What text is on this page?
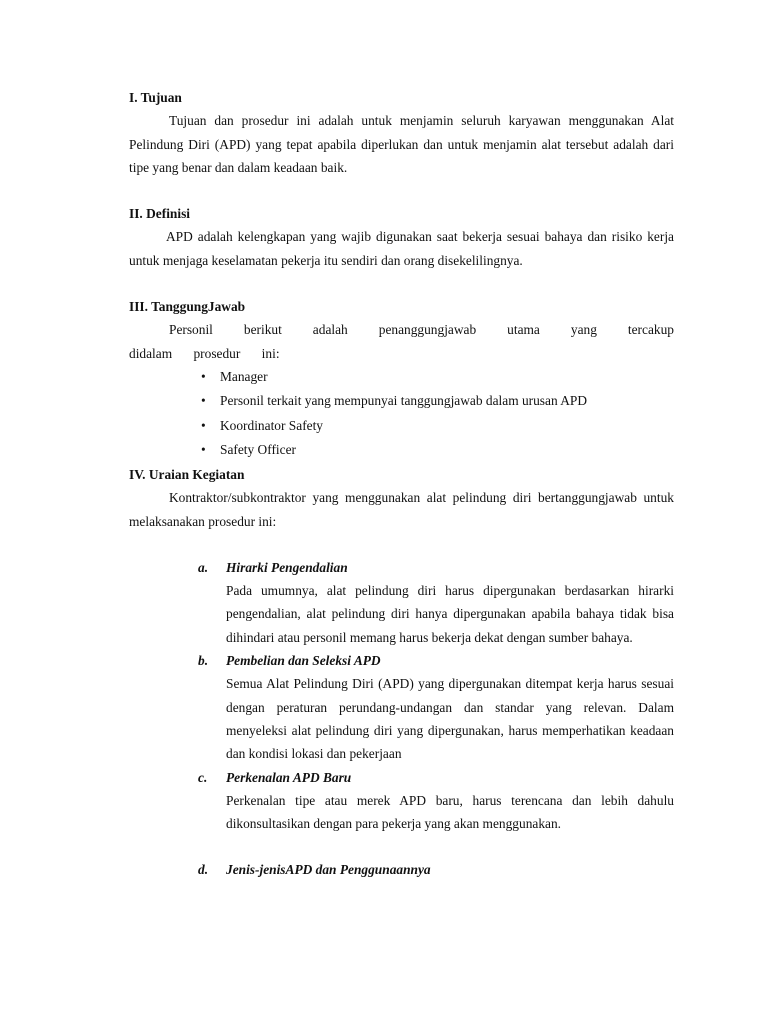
I. Tujuan

Tujuan dan prosedur ini adalah untuk menjamin seluruh karyawan menggunakan Alat Pelindung Diri (APD) yang tepat apabila diperlukan dan untuk menjamin alat tersebut adalah dari tipe yang benar dan dalam keadaan baik.

II. Definisi

APD adalah kelengkapan yang wajib digunakan saat bekerja sesuai bahaya dan risiko kerja untuk menjaga keselamatan pekerja itu sendiri dan orang disekelilingnya.

III. TanggungJawab

Personil berikut adalah penanggungjawab utama yang tercakup didalam prosedur ini:

• Manager
• Personil terkait yang mempunyai tanggungjawab dalam urusan APD
• Koordinator Safety
• Safety Officer
IV. Uraian Kegiatan

Kontraktor/subkontraktor yang menggunakan alat pelindung diri bertanggungjawab untuk melaksanakan prosedur ini:

a. Hirarki Pengendalian

Pada umumnya, alat pelindung diri harus dipergunakan berdasarkan hirarki pengendalian, alat pelindung diri hanya dipergunakan apabila bahaya tidak bisa dihindari atau personil memang harus bekerja dekat dengan sumber bahaya.

b. Pembelian dan Seleksi APD

Semua Alat Pelindung Diri (APD) yang dipergunakan ditempat kerja harus sesuai dengan peraturan perundang-undangan dan standar yang relevan. Dalam menyeleksi alat pelindung diri yang dipergunakan, harus memperhatikan keadaan dan kondisi lokasi dan pekerjaan

c. Perkenalan APD Baru

Perkenalan tipe atau merek APD baru, harus terencana dan lebih dahulu dikonsultasikan dengan para pekerja yang akan menggunakan.

d. Jenis-jenisAPD dan Penggunaannya
